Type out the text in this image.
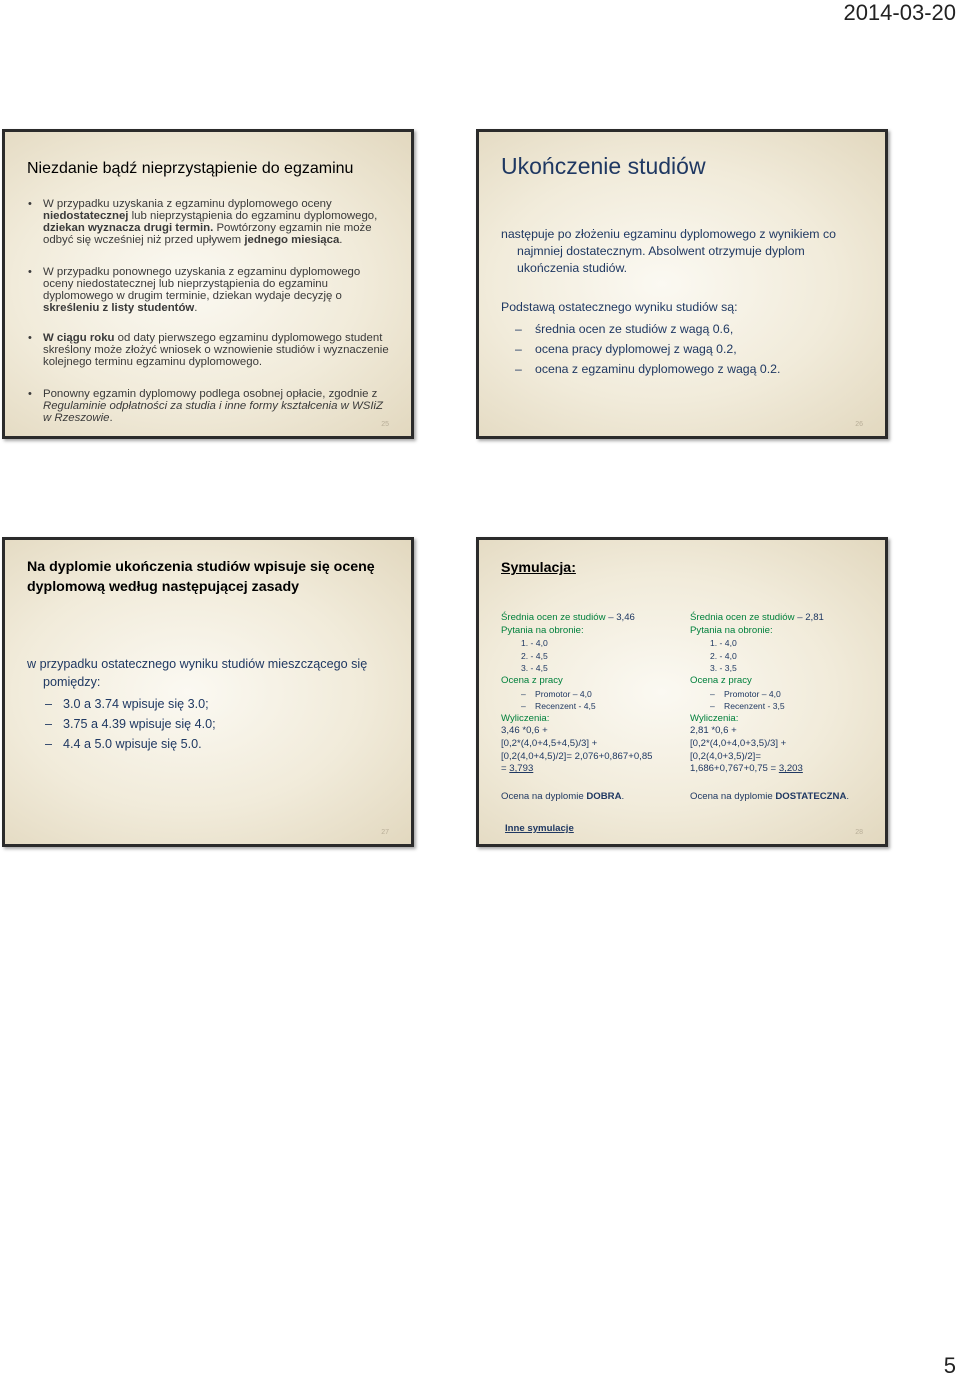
2014-03-20
Niezdanie bądź nieprzystąpienie do egzaminu
• W przypadku uzyskania z egzaminu dyplomowego oceny niedostatecznej lub nieprzystąpienia do egzaminu dyplomowego, dziekan wyznacza drugi termin. Powtórzony egzamin nie może odbyć się wcześniej niż przed upływem jednego miesiąca.
• W przypadku ponownego uzyskania z egzaminu dyplomowego oceny niedostatecznej lub nieprzystąpienia do egzaminu dyplomowego w drugim terminie, dziekan wydaje decyzję o skreśleniu z listy studentów.
• W ciągu roku od daty pierwszego egzaminu dyplomowego student skreślony może złożyć wniosek o wznowienie studiów i wyznaczenie kolejnego terminu egzaminu dyplomowego.
• Ponowny egzamin dyplomowy podlega osobnej opłacie, zgodnie z Regulaminie odpłatności za studia i inne formy kształcenia w WSIiZ w Rzeszowie.
25
Ukończenie studiów
następuje po złożeniu egzaminu dyplomowego z wynikiem co najmniej dostatecznym. Absolwent otrzymuje dyplom ukończenia studiów.
Podstawą ostatecznego wyniku studiów są:
– średnia ocen ze studiów z wagą 0.6,
– ocena pracy dyplomowej z wagą 0.2,
– ocena z egzaminu dyplomowego z wagą 0.2.
26
Na dyplomie ukończenia studiów wpisuje się ocenę dyplomową według następującej zasady
w przypadku ostatecznego wyniku studiów mieszczącego się pomiędzy:
– 3.0 a 3.74 wpisuje się 3.0;
– 3.75 a 4.39 wpisuje się 4.0;
– 4.4 a 5.0 wpisuje się 5.0.
27
Symulacja:
Średnia ocen ze studiów – 3,46
Pytania na obronie:
1. - 4,0
2. - 4,5
3. - 4,5
Ocena z pracy
– Promotor – 4,0
– Recenzent - 4,5
Wyliczenia:
3,46 *0,6 +
[0,2*(4,0+4,5+4,5)/3] +
[0,2(4,0+4,5)/2]= 2,076+0,867+0,85
= 3,793
Ocena na dyplomie DOBRA.
Średnia ocen ze studiów – 2,81
Pytania na obronie:
1. - 4,0
2. - 4,0
3. - 3,5
Ocena z pracy
– Promotor – 4,0
– Recenzent - 3,5
Wyliczenia:
2,81 *0,6 +
[0,2*(4,0+4,0+3,5)/3] +
[0,2(4,0+3,5)/2]=
1,686+0,767+0,75 = 3,203
Ocena na dyplomie DOSTATECZNA.
Inne symulacje	28
5
